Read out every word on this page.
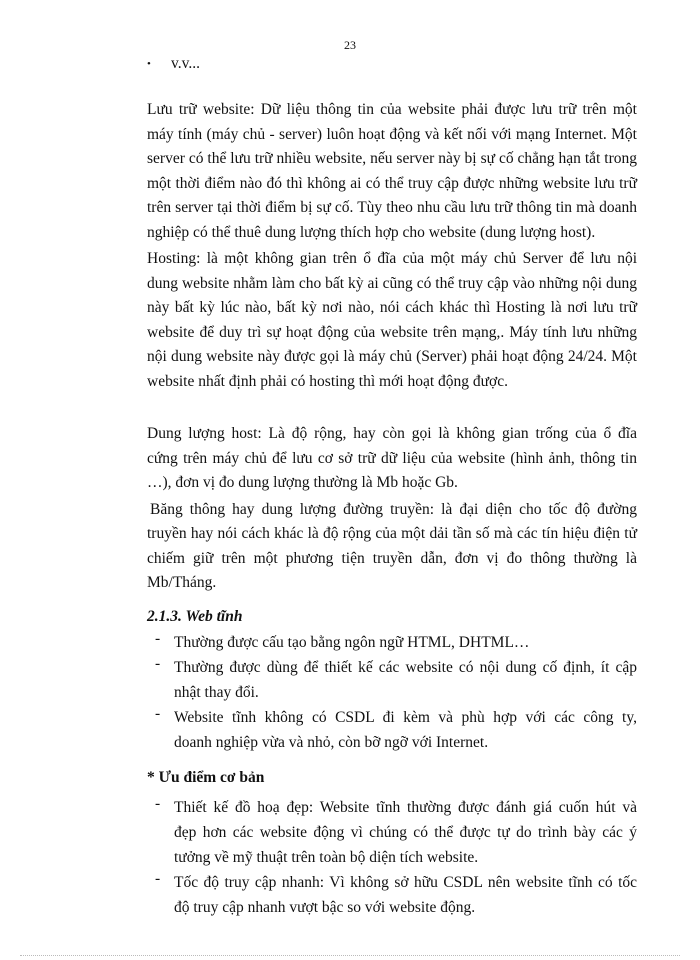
23
• v.v...
Lưu trữ website: Dữ liệu thông tin của website phải được lưu trữ trên một
máy tính (máy chủ - server) luôn hoạt động và kết nối với mạng Internet. Một
server có thể lưu trữ nhiều website, nếu server này bị sự cố chẳng hạn tắt trong
một thời điểm nào đó thì không ai có thể truy cập được những website lưu trữ
trên server tại thời điểm bị sự cố. Tùy theo nhu cầu lưu trữ thông tin mà doanh
nghiệp có thể thuê dung lượng thích hợp cho website (dung lượng host).
Hosting: là một không gian trên ổ đĩa của một máy chủ Server để lưu nội
dung website nhằm làm cho bất kỳ ai cũng có thể truy cập vào những nội dung
này bất kỳ lúc nào, bất kỳ nơi nào, nói cách khác thì Hosting là nơi lưu trữ
website để duy trì sự hoạt động của website trên mạng,. Máy tính lưu những
nội dung website này được gọi là máy chủ (Server) phải hoạt động 24/24. Một
website nhất định phải có hosting thì mới hoạt động được.
Dung lượng host: Là độ rộng, hay còn gọi là không gian trống của ổ đĩa
cứng trên máy chủ để lưu cơ sở trữ dữ liệu của website (hình ảnh, thông tin
…), đơn vị đo dung lượng thường là Mb hoặc Gb.
Băng thông hay dung lượng đường truyền: là đại diện cho tốc độ đường
truyền hay nói cách khác là độ rộng của một dải tần số mà các tín hiệu điện tử
chiếm giữ trên một phương tiện truyền dẫn, đơn vị đo thông thường là
Mb/Tháng.
2.1.3. Web tĩnh
- Thường được cấu tạo bằng ngôn ngữ HTML, DHTML…
- Thường được dùng để thiết kế các website có nội dung cố định, ít cập
nhật thay đổi.
- Website tĩnh không có CSDL đi kèm và phù hợp với các công ty,
doanh nghiệp vừa và nhỏ, còn bỡ ngỡ với Internet.
* Ưu điểm cơ bản
- Thiết kế đồ hoạ đẹp: Website tĩnh thường được đánh giá cuốn hút và
đẹp hơn các website động vì chúng có thể được tự do trình bày các ý
tưởng về mỹ thuật trên toàn bộ diện tích website.
- Tốc độ truy cập nhanh: Vì không sở hữu CSDL nên website tĩnh có tốc
độ truy cập nhanh vượt bậc so với website động.
